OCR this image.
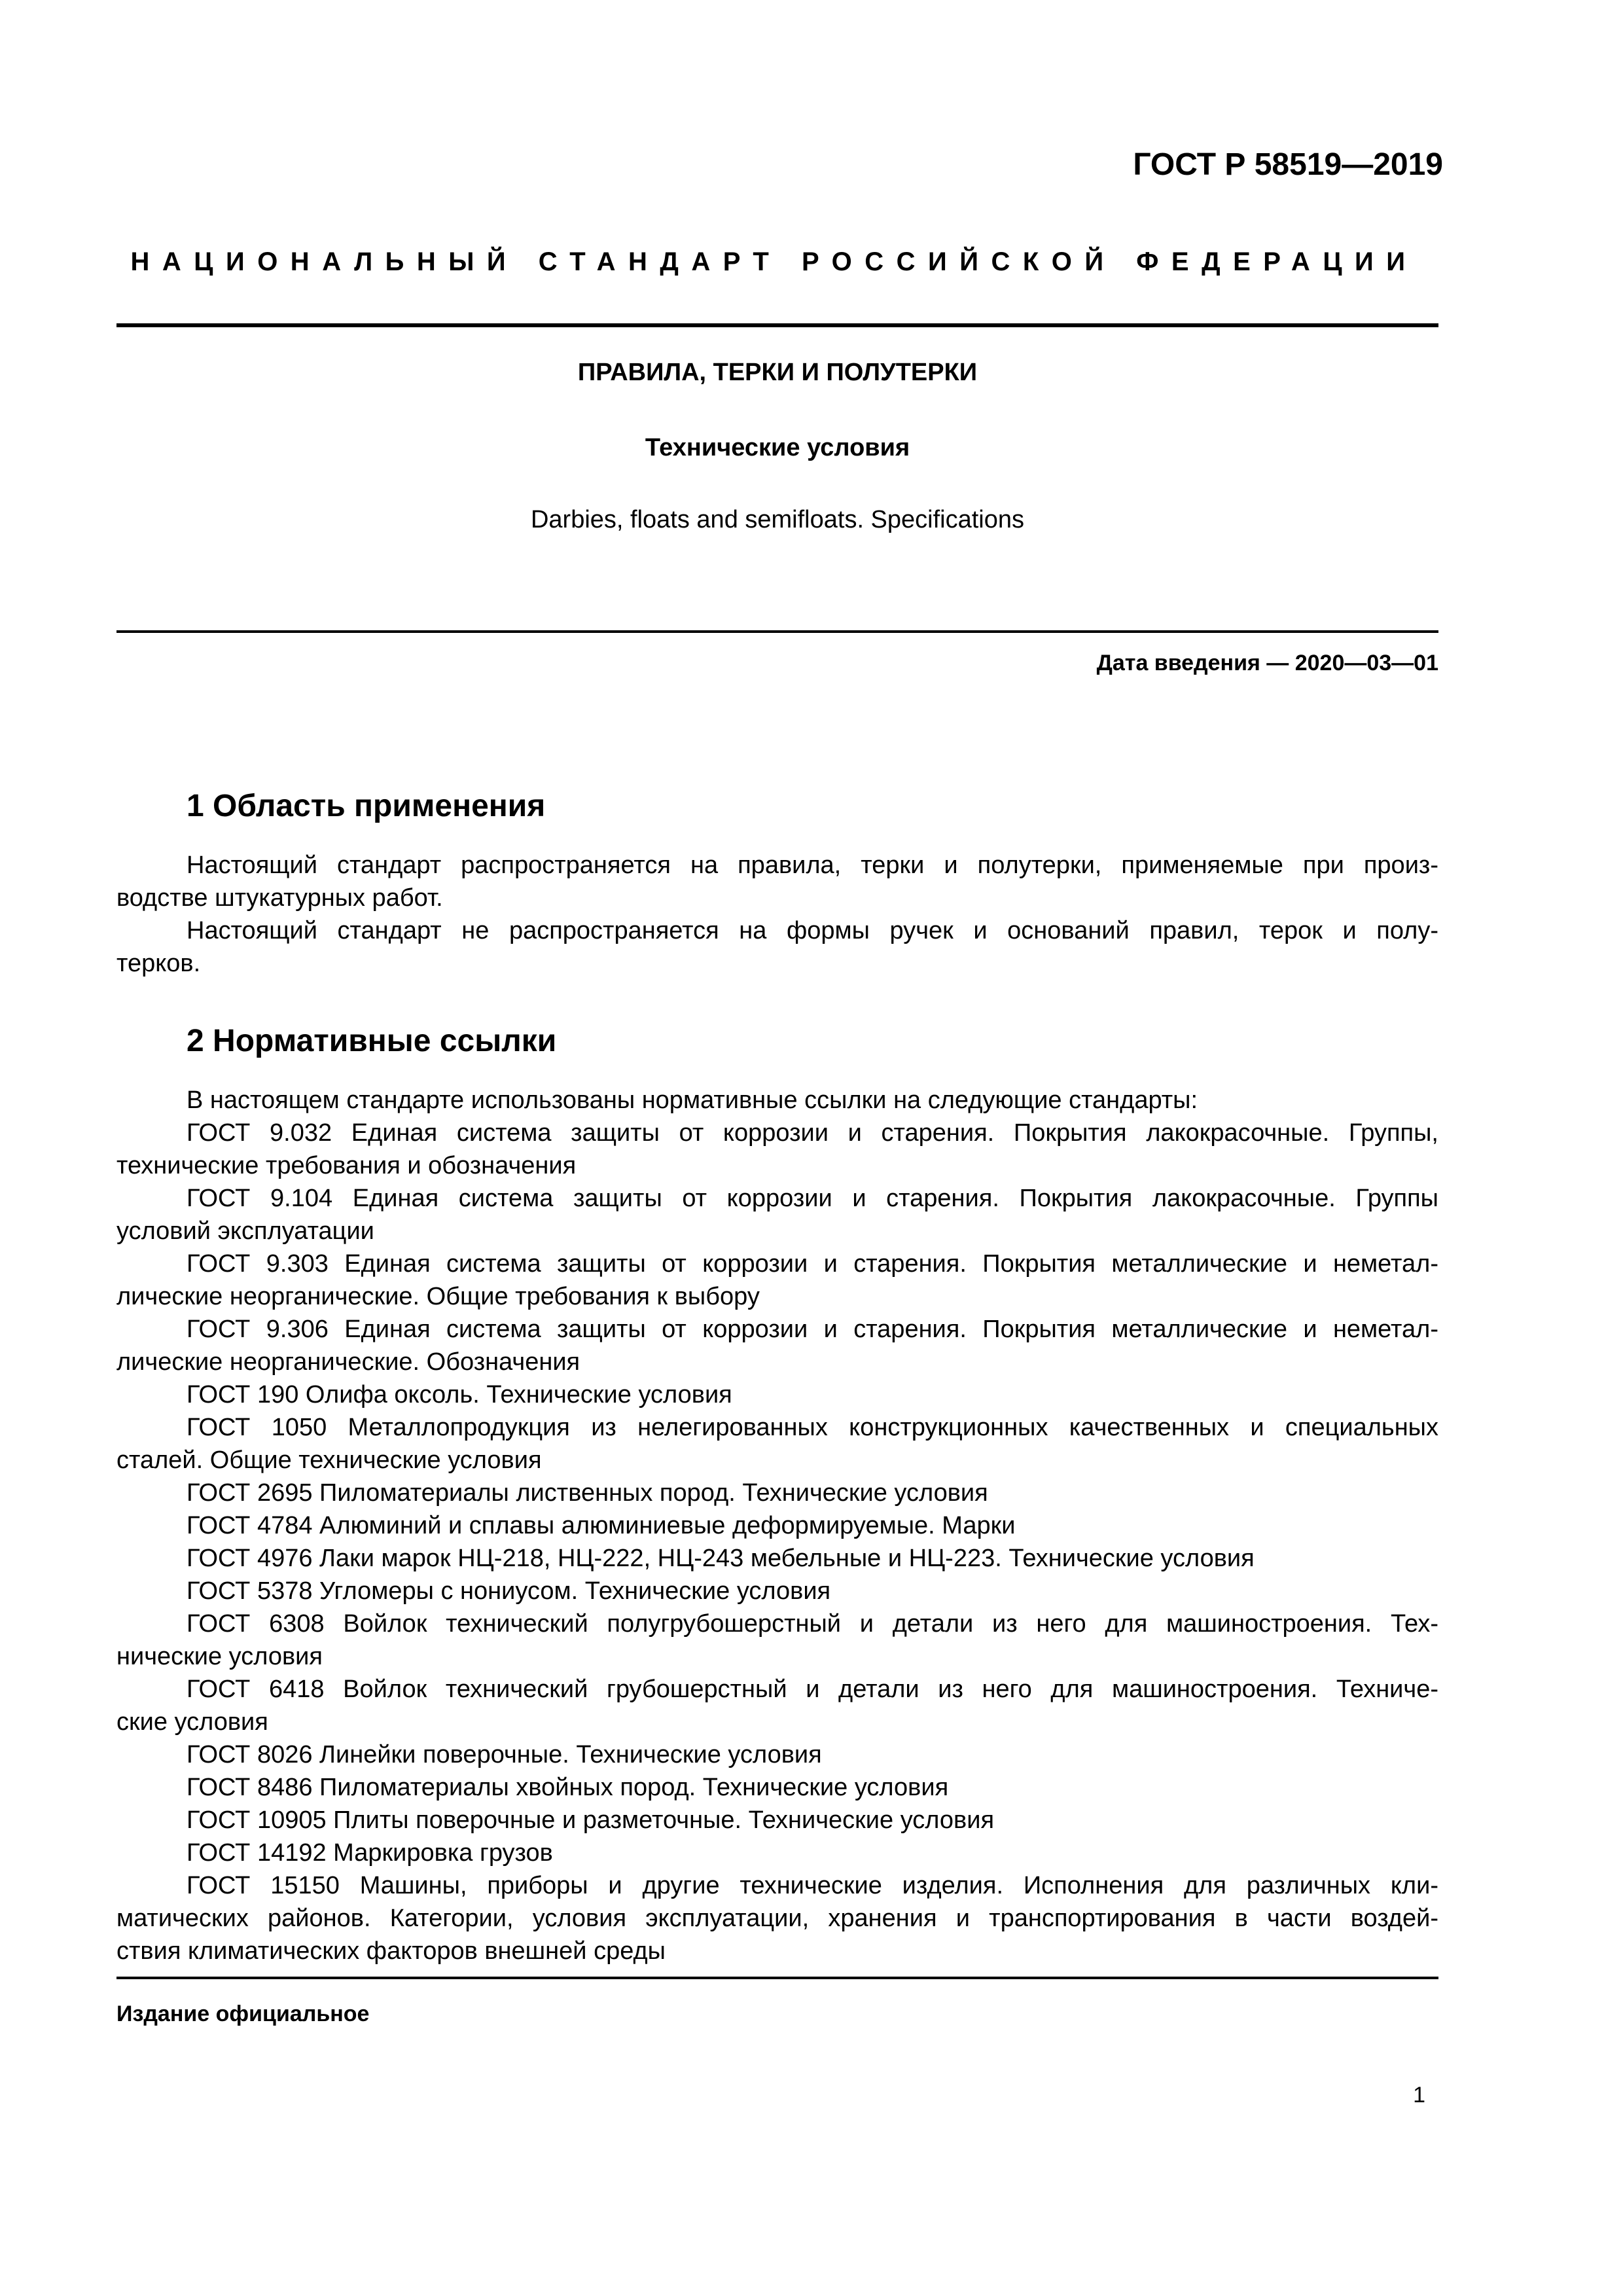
ГОСТ Р 58519—2019
НАЦИОНАЛЬНЫЙ СТАНДАРТ РОССИЙСКОЙ ФЕДЕРАЦИИ
ПРАВИЛА, ТЕРКИ И ПОЛУТЕРКИ
Технические условия
Darbies, floats and semifloats. Specifications
Дата введения — 2020—03—01
1 Область применения
Настоящий стандарт распространяется на правила, терки и полутерки, применяемые при произ-
водстве штукатурных работ.
Настоящий стандарт не распространяется на формы ручек и оснований правил, терок и полу-
терков.
2 Нормативные ссылки
В настоящем стандарте использованы нормативные ссылки на следующие стандарты:
ГОСТ 9.032 Единая система защиты от коррозии и старения. Покрытия лакокрасочные. Группы,
технические требования и обозначения
ГОСТ 9.104 Единая система защиты от коррозии и старения. Покрытия лакокрасочные. Группы
условий эксплуатации
ГОСТ 9.303 Единая система защиты от коррозии и старения. Покрытия металлические и неметал-
лические неорганические. Общие требования к выбору
ГОСТ 9.306 Единая система защиты от коррозии и старения. Покрытия металлические и неметал-
лические неорганические. Обозначения
ГОСТ 190 Олифа оксоль. Технические условия
ГОСТ 1050 Металлопродукция из нелегированных конструкционных качественных и специальных
сталей. Общие технические условия
ГОСТ 2695 Пиломатериалы лиственных пород. Технические условия
ГОСТ 4784 Алюминий и сплавы алюминиевые деформируемые. Марки
ГОСТ 4976 Лаки марок НЦ-218, НЦ-222, НЦ-243 мебельные и НЦ-223. Технические условия
ГОСТ 5378 Угломеры с нониусом. Технические условия
ГОСТ 6308 Войлок технический полугрубошерстный и детали из него для машиностроения. Тех-
нические условия
ГОСТ 6418 Войлок технический грубошерстный и детали из него для машиностроения. Техниче-
ские условия
ГОСТ 8026 Линейки поверочные. Технические условия
ГОСТ 8486 Пиломатериалы хвойных пород. Технические условия
ГОСТ 10905 Плиты поверочные и разметочные. Технические условия
ГОСТ 14192 Маркировка грузов
ГОСТ 15150 Машины, приборы и другие технические изделия. Исполнения для различных кли-
матических районов. Категории, условия эксплуатации, хранения и транспортирования в части воздей-
ствия климатических факторов внешней среды
Издание официальное
1
